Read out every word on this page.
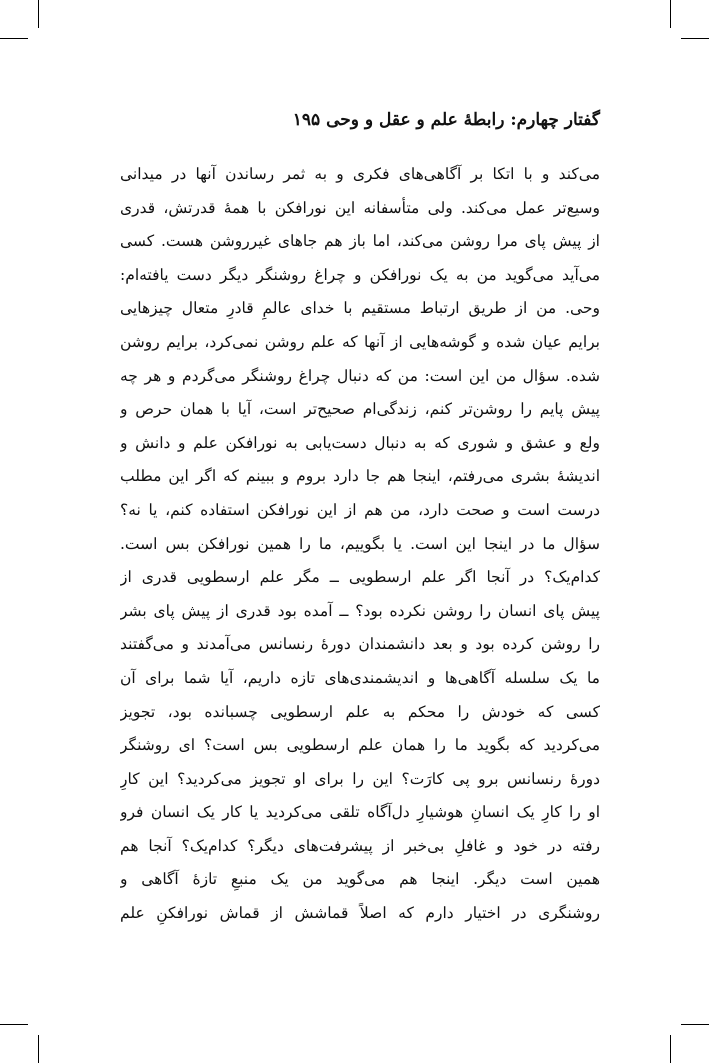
گفتار چهارم: رابطهٔ علم و عقل و وحی ۱۹۵
می‌کند و با اتکا بر آگاهی‌های فکری و به ثمر رساندن آنها در میدانی
وسیع‌تر عمل می‌کند. ولی متأسفانه این نورافکن با همهٔ قدرتش، قدری
از پیش پای مرا روشن می‌کند، اما باز هم جاهای غیرروشن هست. کسی
می‌آید می‌گوید من به یک نورافکن و چراغ روشنگر دیگر دست یافته‌ام:
وحی. من از طریق ارتباط مستقیم با خدای عالمِ قادرِ متعال چیزهایی
برایم عیان شده و گوشه‌هایی از آنها که علم روشن نمی‌کرد، برایم روشن
شده. سؤال من این است: من که دنبال چراغ روشنگر می‌گردم و هر چه
پیش پایم را روشن‌تر کنم، زندگی‌ام صحیح‌تر است، آیا با همان حرص و
ولع و عشق و شوری که به دنبال دست‌یابی به نورافکن علم و دانش و
اندیشهٔ بشری می‌رفتم، اینجا هم جا دارد بروم و ببینم که اگر این مطلب
درست است و صحت دارد، من هم از این نورافکن استفاده کنم، یا نه؟
سؤال ما در اینجا این است. یا بگوییم، ما را همین نورافکن بس است.
کدام‌یک؟ در آنجا اگر علم ارسطویی ــ مگر علم ارسطویی قدری از
پیش پای انسان را روشن نکرده بود؟ ــ آمده بود قدری از پیش پای بشر
را روشن کرده بود و بعد دانشمندان دورهٔ رنسانس می‌آمدند و می‌گفتند
ما یک سلسله آگاهی‌ها و اندیشمندی‌های تازه داریم، آیا شما برای آن
کسی که خودش را محکم به علم ارسطویی چسبانده بود، تجویز
می‌کردید که بگوید ما را همان علم ارسطویی بس است؟ ای روشنگر
دورهٔ رنسانس برو پی کارَت؟ این را برای او تجویز می‌کردید؟ این کارِ
او را کارِ یک انسانِ هوشیارِ دل‌آگاه تلقی می‌کردید یا کار یک انسان فرو
رفته در خود و غافلِ بی‌خبر از پیشرفت‌های دیگر؟ کدام‌یک؟ آنجا هم
همین است دیگر. اینجا هم می‌گوید من یک منبعِ تازهٔ آگاهی و
روشنگری در اختیار دارم که اصلاً قماشش از قماش نورافکنِ علم
